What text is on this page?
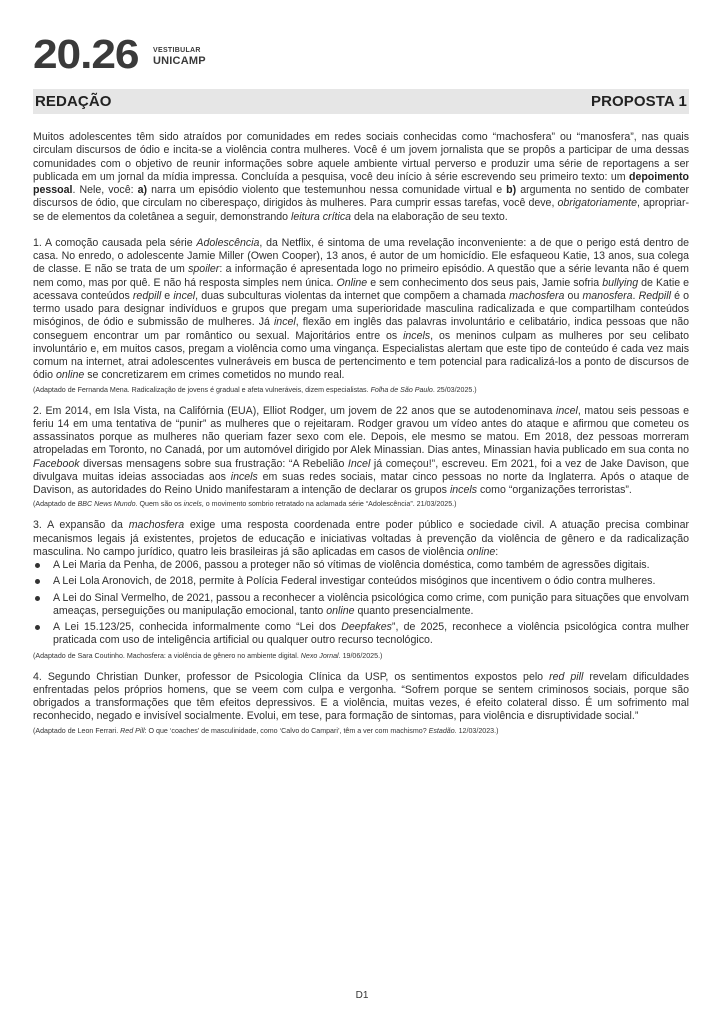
20.26 VESTIBULAR
UNICAMP
REDAÇÃO	PROPOSTA 1

Muitos adolescentes têm sido atraídos por comunidades em redes sociais conhecidas como “machosfera” ou “manosfera”, nas quais circulam discursos de ódio e incita-se a violência contra mulheres. Você é um jovem jornalista que se propôs a participar de uma dessas comunidades com o objetivo de reunir informações sobre aquele ambiente virtual perverso e produzir uma série de reportagens a ser publicada em um jornal da mídia impressa. Concluída a pesquisa, você deu início à série escrevendo seu primeiro texto: um depoimento pessoal. Nele, você: a) narra um episódio violento que testemunhou nessa comunidade virtual e b) argumenta no sentido de combater discursos de ódio, que circulam no ciberespaço, dirigidos às mulheres. Para cumprir essas tarefas, você deve, obrigatoriamente, apropriar-se de elementos da coletânea a seguir, demonstrando leitura crítica dela na elaboração de seu texto.

1. A comoção causada pela série Adolescência, da Netflix, é sintoma de uma revelação inconveniente: a de que o perigo está dentro de casa. No enredo, o adolescente Jamie Miller (Owen Cooper), 13 anos, é autor de um homicídio. Ele esfaqueou Katie, 13 anos, sua colega de classe. E não se trata de um spoiler: a informação é apresentada logo no primeiro episódio. A questão que a série levanta não é quem nem como, mas por quê. E não há resposta simples nem única. Online e sem conhecimento dos seus pais, Jamie sofria bullying de Katie e acessava conteúdos redpill e incel, duas subculturas violentas da internet que compõem a chamada machosfera ou manosfera. Redpill é o termo usado para designar indivíduos e grupos que pregam uma superioridade masculina radicalizada e que compartilham conteúdos misóginos, de ódio e submissão de mulheres. Já incel, flexão em inglês das palavras involuntário e celibatário, indica pessoas que não conseguem encontrar um par romântico ou sexual. Majoritários entre os incels, os meninos culpam as mulheres por seu celibato involuntário e, em muitos casos, pregam a violência como uma vingança. Especialistas alertam que este tipo de conteúdo é cada vez mais comum na internet, atrai adolescentes vulneráveis em busca de pertencimento e tem potencial para radicalizá-los a ponto de discursos de ódio online se concretizarem em crimes cometidos no mundo real.

(Adaptado de Fernanda Mena. Radicalização de jovens é gradual e afeta vulneráveis, dizem especialistas. Folha de São Paulo. 25/03/2025.)

2. Em 2014, em Isla Vista, na Califórnia (EUA), Elliot Rodger, um jovem de 22 anos que se autodenominava incel, matou seis pessoas e feriu 14 em uma tentativa de “punir” as mulheres que o rejeitaram. Rodger gravou um vídeo antes do ataque e afirmou que cometeu os assassinatos porque as mulheres não queriam fazer sexo com ele. Depois, ele mesmo se matou. Em 2018, dez pessoas morreram atropeladas em Toronto, no Canadá, por um automóvel dirigido por Alek Minassian. Dias antes, Minassian havia publicado em sua conta no Facebook diversas mensagens sobre sua frustração: “A Rebelião Incel já começou!”, escreveu. Em 2021, foi a vez de Jake Davison, que divulgava muitas ideias associadas aos incels em suas redes sociais, matar cinco pessoas no norte da Inglaterra. Após o ataque de Davison, as autoridades do Reino Unido manifestaram a intenção de declarar os grupos incels como “organizações terroristas”.

(Adaptado de BBC News Mundo. Quem são os incels, o movimento sombrio retratado na aclamada série “Adolescência”. 21/03/2025.)

3. A expansão da machosfera exige uma resposta coordenada entre poder público e sociedade civil. A atuação precisa combinar mecanismos legais já existentes, projetos de educação e iniciativas voltadas à prevenção da violência de gênero e da radicalização masculina. No campo jurídico, quatro leis brasileiras já são aplicadas em casos de violência online:

A Lei Maria da Penha, de 2006, passou a proteger não só vítimas de violência doméstica, como também de agressões digitais.
A Lei Lola Aronovich, de 2018, permite à Polícia Federal investigar conteúdos misóginos que incentivem o ódio contra mulheres.
A Lei do Sinal Vermelho, de 2021, passou a reconhecer a violência psicológica como crime, com punição para situações que envolvam ameaças, perseguições ou manipulação emocional, tanto online quanto presencialmente.
A Lei 15.123/25, conhecida informalmente como “Lei dos Deepfakes”, de 2025, reconhece a violência psicológica contra mulher praticada com uso de inteligência artificial ou qualquer outro recurso tecnológico.

(Adaptado de Sara Coutinho. Machosfera: a violência de gênero no ambiente digital. Nexo Jornal. 19/06/2025.)

4. Segundo Christian Dunker, professor de Psicologia Clínica da USP, os sentimentos expostos pelo red pill revelam dificuldades enfrentadas pelos próprios homens, que se veem com culpa e vergonha. “Sofrem porque se sentem criminosos sociais, porque são obrigados a transformações que têm efeitos depressivos. E a violência, muitas vezes, é efeito colateral disso. É um sofrimento mal reconhecido, negado e invisível socialmente. Evolui, em tese, para formação de sintomas, para violência e disruptividade social.”

(Adaptado de Leon Ferrari. Red Pill: O que ‘coaches’ de masculinidade, como ‘Calvo do Campari’, têm a ver com machismo? Estadão. 12/03/2023.)

D1
